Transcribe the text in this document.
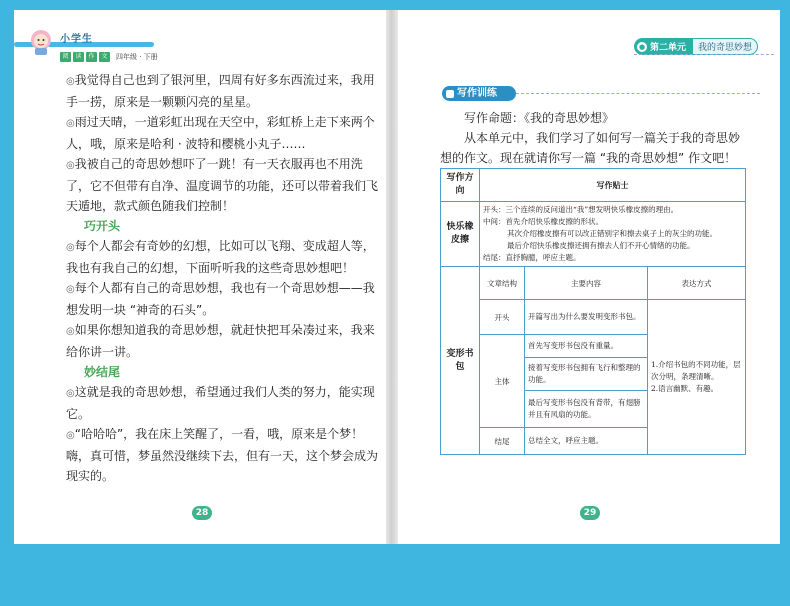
小学生
阅	读	作	文	四年级 · 下册

◎我觉得自己也到了银河里，四周有好多东西流过来，我用手一捞，原来是一颗颗闪亮的星星。

◎雨过天晴，一道彩虹出现在天空中，彩虹桥上走下来两个人，哦，原来是哈利 · 波特和樱桃小丸子……

◎我被自己的奇思妙想吓了一跳！有一天衣服再也不用洗了，它不但带有自净、温度调节的功能，还可以带着我们飞天遁地，款式颜色随我们控制！

巧开头

◎每个人都会有奇妙的幻想，比如可以飞翔、变成超人等，我也有我自己的幻想，下面听听我的这些奇思妙想吧！

◎每个人都有自己的奇思妙想，我也有一个奇思妙想——我想发明一块 “神奇的石头”。

◎如果你想知道我的奇思妙想，就赶快把耳朵凑过来，我来给你讲一讲。

妙结尾

◎这就是我的奇思妙想，希望通过我们人类的努力，能实现它。

◎“哈哈哈”，我在床上笑醒了，一看，哦，原来是个梦！嗨，真可惜，梦虽然没继续下去，但有一天，这个梦会成为现实的。

28
● 第二单元	我的奇思妙想
写作训练

写作命题：《我的奇思妙想》

从本单元中，我们学习了如何写一篇关于我的奇思妙想的作文。现在就请你写一篇 “我的奇思妙想” 作文吧！

写作方向	写作贴士		
快乐橡皮擦	开头：三个连续的反问道出“我”想发明快乐橡皮擦的理由。
中间：首先介绍快乐橡皮擦的形状。
其次介绍橡皮擦有可以改正错别字和擦去桌子上的灰尘的功能。
最后介绍快乐橡皮擦还拥有擦去人们不开心情绪的功能。
结尾：直抒胸臆，呼应主题。		

变形书包	文章结构	主要内容	表达方式
	开头	开篇写出为什么要发明变形书包。	1.介绍书包的不同功能，层次分明，条理清晰。
2.语言幽默、有趣。

	主体	首先写变形书包没有重量。	
		接着写变形书包拥有飞行和整理的功能。	
		最后写变形书包没有背带，有翅膀并且有风扇的功能。	
	结尾	总结全文，呼应主题。	
29
